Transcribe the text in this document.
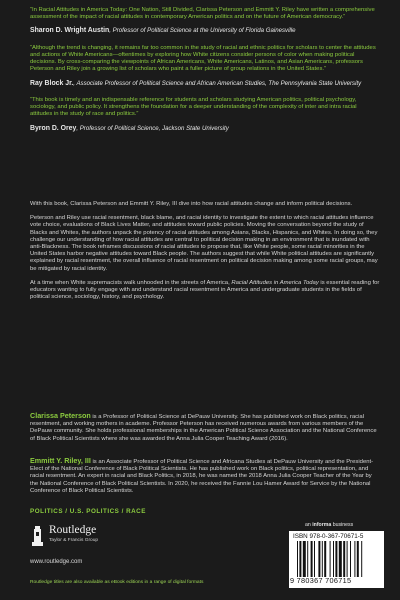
“In Racial Attitudes in America Today: One Nation, Still Divided, Clarissa Peterson and Emmitt Y. Riley have written a comprehensive assessment of the impact of racial attitudes in contemporary American politics and on the future of American democracy.”
Sharon D. Wright Austin, Professor of Political Science at the University of Florida Gainesville
“Although the trend is changing, it remains far too common in the study of racial and ethnic politics for scholars to center the attitudes and actions of White Americans—oftentimes by exploring how White citizens consider persons of color when making political decisions. By cross-comparing the viewpoints of African Americans, White Americans, Latinos, and Asian Americans, professors Peterson and Riley join a growing list of scholars who paint a fuller picture of group relations in the United States.”
Ray Block Jr., Associate Professor of Political Science and African American Studies, The Pennsylvania State University
“This book is timely and an indispensable reference for students and scholars studying American politics, political psychology, sociology, and public policy. It strengthens the foundation for a deeper understanding of the complexity of inter and intra racial attitudes in the study of race and politics.”
Byron D. Orey, Professor of Political Science, Jackson State University

With this book, Clarissa Peterson and Emmitt Y. Riley, III dive into how racial attitudes change and inform political decisions.

Peterson and Riley use racial resentment, black blame, and racial identity to investigate the extent to which racial attitudes influence vote choice, evaluations of Black Lives Matter, and attitudes toward public policies. Moving the conversation beyond the study of Blacks and Whites, the authors unpack the potency of racial attitudes among Asians, Blacks, Hispanics, and Whites. In doing so, they challenge our understanding of how racial attitudes are central to political decision making in an environment that is inundated with anti-Blackness. The book reframes discussions of racial attitudes to propose that, like White people, some racial minorities in the United States harbor negative attitudes toward Black people. The authors suggest that while White political attitudes are significantly explained by racial resentment, the overall influence of racial resentment on political decision making among some racial groups, may be mitigated by racial identity.

At a time when White supremacists walk unhooded in the streets of America, Racial Attitudes in America Today is essential reading for educators wanting to fully engage with and understand racial resentment in America and undergraduate students in the fields of political science, sociology, history, and psychology.

Clarissa Peterson is a Professor of Political Science at DePauw University. She has published work on Black politics, racial resentment, and working mothers in academe. Professor Peterson has received numerous awards from various members of the DePauw community. She holds professional memberships in the American Political Science Association and the National Conference of Black Political Scientists where she was awarded the Anna Julia Cooper Teaching Award (2016).
Emmitt Y. Riley, III is an Associate Professor of Political Science and Africana Studies at DePauw University and the President-Elect of the National Conference of Black Political Scientists. He has published work on Black politics, political representation, and racial resentment. An expert in racial and Black Politics, in 2018, he was named the 2018 Anna Julia Cooper Teacher of the Year by the National Conference of Black Political Scientists. In 2020, he received the Fannie Lou Hamer Award for Service by the National Conference of Black Political Scientists.
POLITICS / U.S. POLITICS / RACE
Routledge
Taylor & Francis Group
www.routledge.com
Routledge titles are also available as eBook editions in a range of digital formats
an informa business
ISBN 978-0-367-70671-5
9 780367 706715
